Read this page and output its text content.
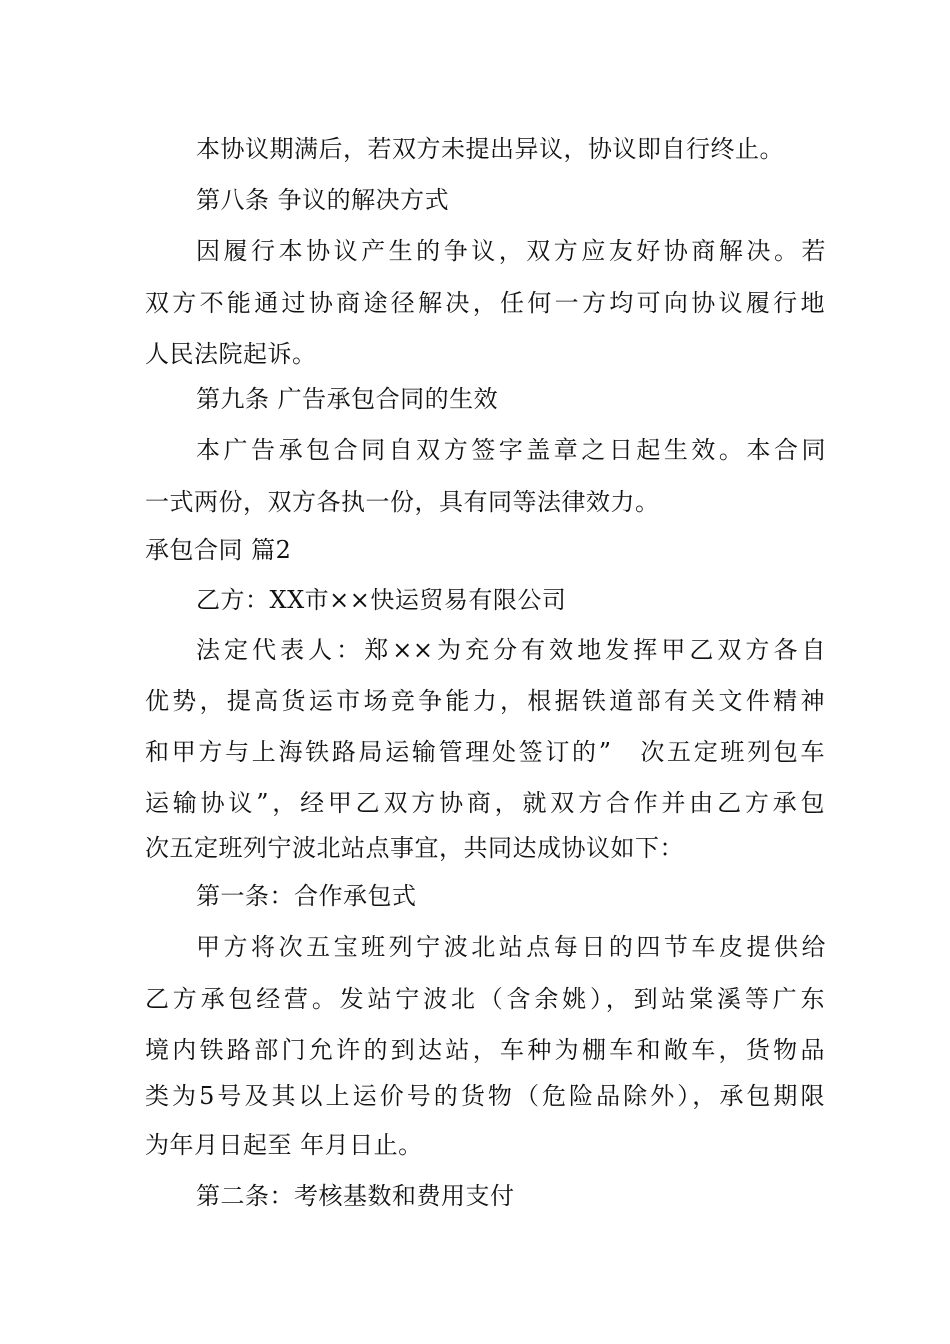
本协议期满后，若双方未提出异议，协议即自行终止。
第八条 争议的解决方式
因履行本协议产生的争议，双方应友好协商解决。若
双方不能通过协商途径解决，任何一方均可向协议履行地
人民法院起诉。
第九条 广告承包合同的生效
本广告承包合同自双方签字盖章之日起生效。本合同
一式两份，双方各执一份，具有同等法律效力。
承包合同 篇2
乙方：XX市××快运贸易有限公司
法定代表人：郑××为充分有效地发挥甲乙双方各自
优势，提高货运市场竞争能力，根据铁道部有关文件精神
和甲方与上海铁路局运输管理处签订的”　次五定班列包车
运输协议”，经甲乙双方协商，就双方合作并由乙方承包
次五定班列宁波北站点事宜，共同达成协议如下：
第一条：合作承包式
甲方将次五宝班列宁波北站点每日的四节车皮提供给
乙方承包经营。发站宁波北（含余姚），到站棠溪等广东
境内铁路部门允许的到达站，车种为棚车和敞车，货物品
类为5号及其以上运价号的货物（危险品除外），承包期限
为年月日起至 年月日止。
第二条：考核基数和费用支付
